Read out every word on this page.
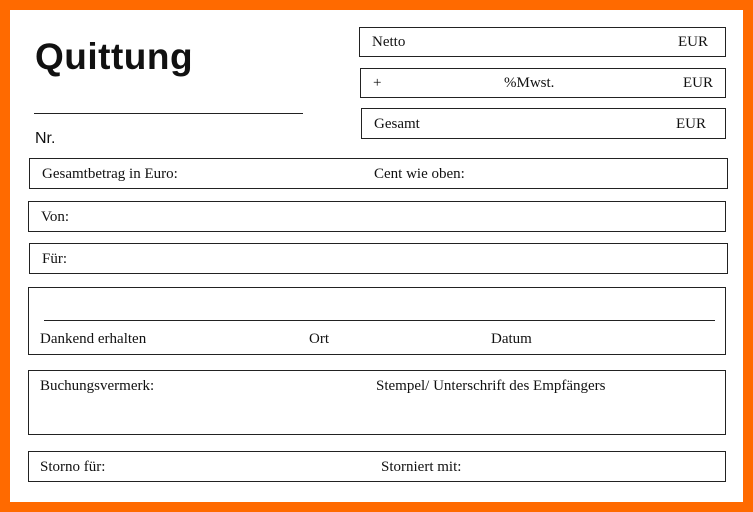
Quittung
Nr.
Netto	EUR
+	%Mwst.	EUR
Gesamt	EUR
Gesamtbetrag in Euro:	Cent wie oben:
Von:
Für:
Dankend erhalten	Ort	Datum
Buchungsvermerk:	Stempel/ Unterschrift des Empfängers
Storno für:	Storniert mit:
